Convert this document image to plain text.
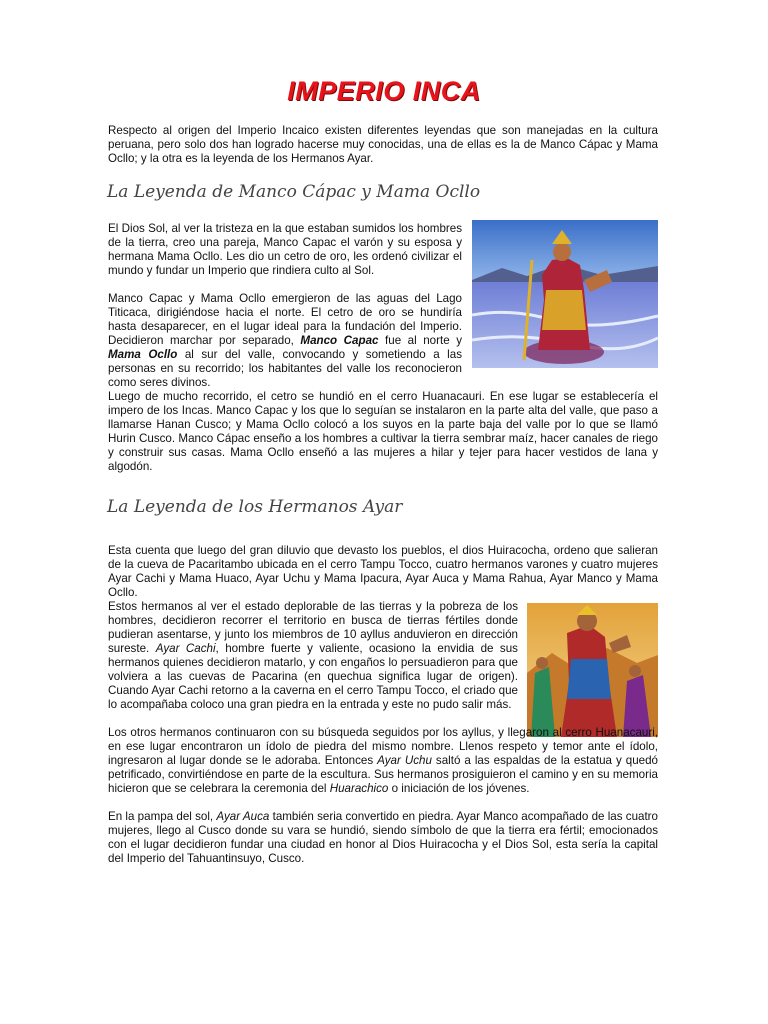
IMPERIO INCA

Respecto al origen del Imperio Incaico existen diferentes leyendas que son manejadas en la cultura peruana, pero solo dos han logrado hacerse muy conocidas, una de ellas es la de Manco Cápac y Mama Ocllo; y la otra es la leyenda de los Hermanos Ayar.

La Leyenda de Manco Cápac y Mama Ocllo

El Dios Sol, al ver la tristeza en la que estaban sumidos los hombres de la tierra, creo una pareja, Manco Capac el varón y su esposa y hermana Mama Ocllo. Les dio un cetro de oro, les ordenó civilizar el mundo y fundar un Imperio que rindiera culto al Sol.

Manco Capac y Mama Ocllo emergieron de las aguas del Lago Titicaca, dirigiéndose hacia el norte. El cetro de oro se hundiría hasta desaparecer, en el lugar ideal para la fundación del Imperio. Decidieron marchar por separado, Manco Capac fue al norte y Mama Ocllo al sur del valle, convocando y sometiendo a las personas en su recorrido; los habitantes del valle los reconocieron como seres divinos.

Luego de mucho recorrido, el cetro se hundió en el cerro Huanacauri. En ese lugar se establecería el impero de los Incas. Manco Capac y los que lo seguían se instalaron en la parte alta del valle, que paso a llamarse Hanan Cusco; y Mama Ocllo colocó a los suyos en la parte baja del valle por lo que se llamó Hurin Cusco. Manco Cápac enseño a los hombres a cultivar la tierra sembrar maíz, hacer canales de riego y construir sus casas. Mama Ocllo enseñó a las mujeres a hilar y tejer para hacer vestidos de lana y algodón.

La Leyenda de los Hermanos Ayar

Esta cuenta que luego del gran diluvio que devasto los pueblos, el dios Huiracocha, ordeno que salieran de la cueva de Pacaritambo ubicada en el cerro Tampu Tocco, cuatro hermanos varones y cuatro mujeres Ayar Cachi y Mama Huaco, Ayar Uchu y Mama Ipacura, Ayar Auca y Mama Rahua, Ayar Manco y Mama Ocllo.

Estos hermanos al ver el estado deplorable de las tierras y la pobreza de los hombres, decidieron recorrer el territorio en busca de tierras fértiles donde pudieran asentarse, y junto los miembros de 10 ayllus anduvieron en dirección sureste. Ayar Cachi, hombre fuerte y valiente, ocasiono la envidia de sus hermanos quienes decidieron matarlo, y con engaños lo persuadieron para que volviera a las cuevas de Pacarina (en quechua significa lugar de origen). Cuando Ayar Cachi retorno a la caverna en el cerro Tampu Tocco, el criado que lo acompañaba coloco una gran piedra en la entrada y este no pudo salir más.

Los otros hermanos continuaron con su búsqueda seguidos por los ayllus, y llegaron al cerro Huanacauri, en ese lugar encontraron un ídolo de piedra del mismo nombre. Llenos respeto y temor ante el ídolo, ingresaron al lugar donde se le adoraba. Entonces Ayar Uchu saltó a las espaldas de la estatua y quedó petrificado, convirtiéndose en parte de la escultura. Sus hermanos prosiguieron el camino y en su memoria hicieron que se celebrara la ceremonia del Huarachico o iniciación de los jóvenes.

En la pampa del sol, Ayar Auca también seria convertido en piedra. Ayar Manco acompañado de las cuatro mujeres, llego al Cusco donde su vara se hundió, siendo símbolo de que la tierra era fértil; emocionados con el lugar decidieron fundar una ciudad en honor al Dios Huiracocha y el Dios Sol, esta sería la capital del Imperio del Tahuantinsuyo, Cusco.
